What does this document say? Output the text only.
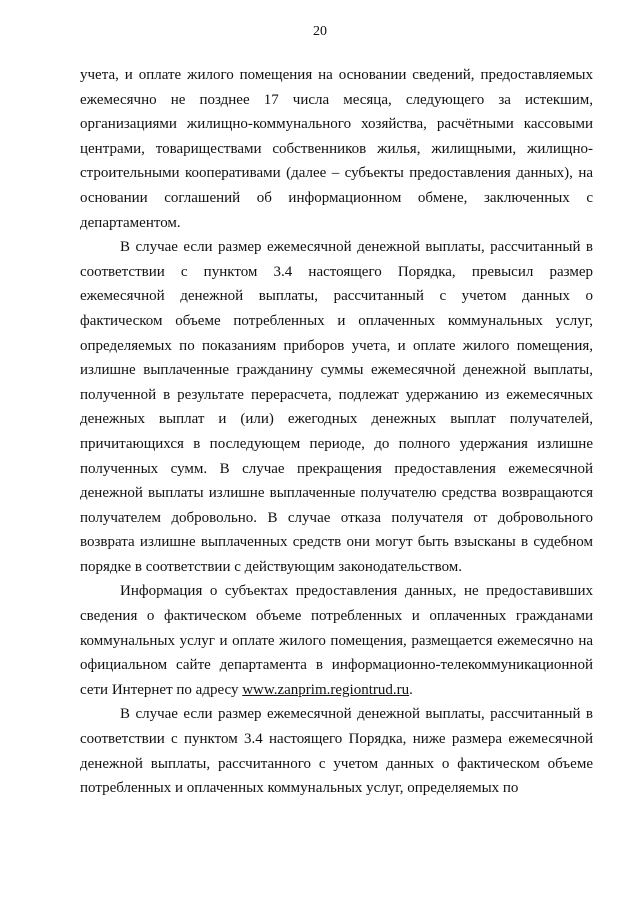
20

учета, и оплате жилого помещения на основании сведений, предоставляемых ежемесячно не позднее 17 числа месяца, следующего за истекшим, организациями жилищно-коммунального хозяйства, расчётными кассовыми центрами, товариществами собственников жилья, жилищными, жилищно-строительными кооперативами (далее – субъекты предоставления данных), на основании соглашений об информационном обмене, заключенных с департаментом.

В случае если размер ежемесячной денежной выплаты, рассчитанный в соответствии с пунктом 3.4 настоящего Порядка, превысил размер ежемесячной денежной выплаты, рассчитанный с учетом данных о фактическом объеме потребленных и оплаченных коммунальных услуг, определяемых по показаниям приборов учета, и оплате жилого помещения, излишне выплаченные гражданину суммы ежемесячной денежной выплаты, полученной в результате перерасчета, подлежат удержанию из ежемесячных денежных выплат и (или) ежегодных денежных выплат получателей, причитающихся в последующем периоде, до полного удержания излишне полученных сумм. В случае прекращения предоставления ежемесячной денежной выплаты излишне выплаченные получателю средства возвращаются получателем добровольно. В случае отказа получателя от добровольного возврата излишне выплаченных средств они могут быть взысканы в судебном порядке в соответствии с действующим законодательством.

Информация о субъектах предоставления данных, не предоставивших сведения о фактическом объеме потребленных и оплаченных гражданами коммунальных услуг и оплате жилого помещения, размещается ежемесячно на официальном сайте департамента в информационно-телекоммуникационной сети Интернет по адресу www.zanprim.regiontrud.ru.

В случае если размер ежемесячной денежной выплаты, рассчитанный в соответствии с пунктом 3.4 настоящего Порядка, ниже размера ежемесячной денежной выплаты, рассчитанного с учетом данных о фактическом объеме потребленных и оплаченных коммунальных услуг, определяемых по
